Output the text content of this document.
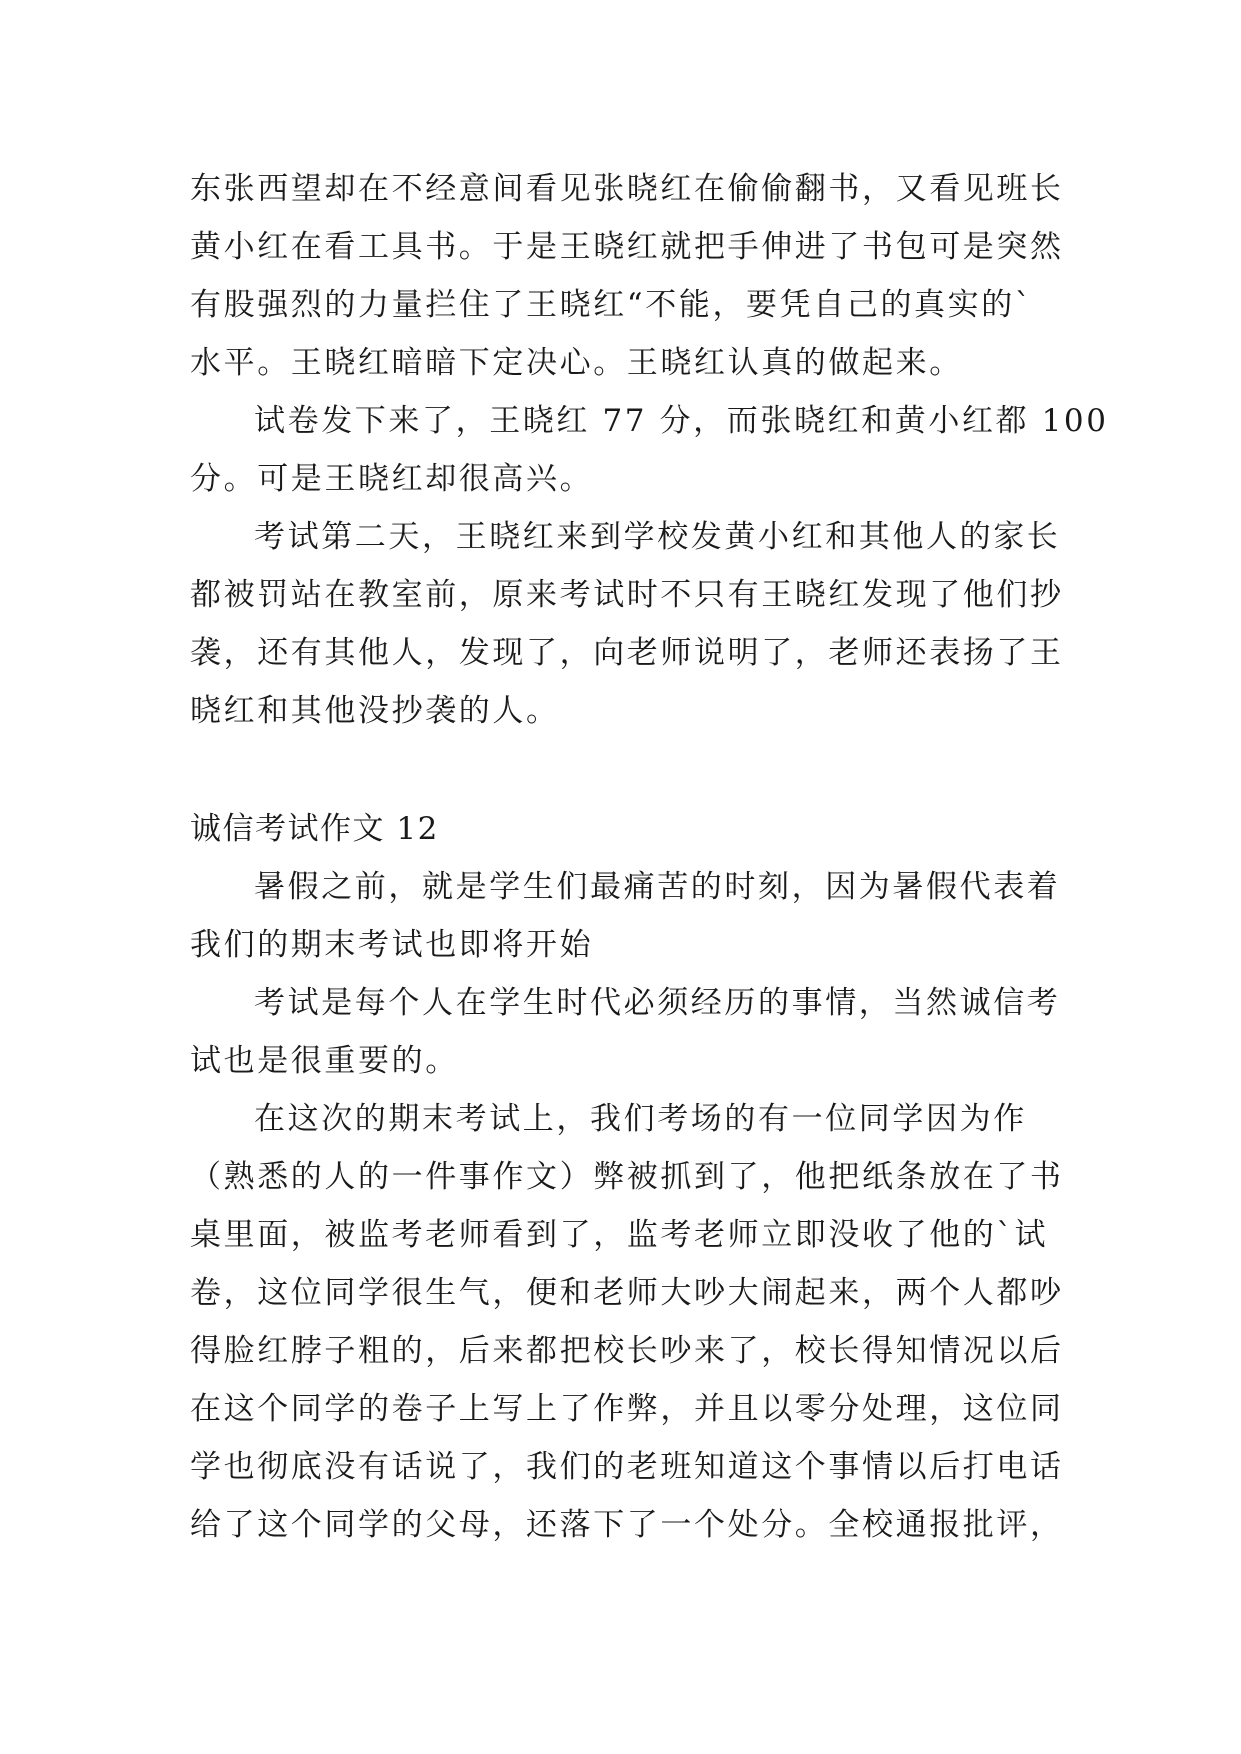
东张西望却在不经意间看见张晓红在偷偷翻书，又看见班长
黄小红在看工具书。于是王晓红就把手伸进了书包可是突然
有股强烈的力量拦住了王晓红“不能，要凭自己的真实的`
水平。王晓红暗暗下定决心。王晓红认真的做起来。
试卷发下来了，王晓红 77 分，而张晓红和黄小红都 100
分。可是王晓红却很高兴。
考试第二天，王晓红来到学校发黄小红和其他人的家长
都被罚站在教室前，原来考试时不只有王晓红发现了他们抄
袭，还有其他人，发现了，向老师说明了，老师还表扬了王
晓红和其他没抄袭的人。
诚信考试作文 12
暑假之前，就是学生们最痛苦的时刻，因为暑假代表着
我们的期末考试也即将开始
考试是每个人在学生时代必须经历的事情，当然诚信考
试也是很重要的。
在这次的期末考试上，我们考场的有一位同学因为作
（熟悉的人的一件事作文）弊被抓到了，他把纸条放在了书
桌里面，被监考老师看到了，监考老师立即没收了他的`试
卷，这位同学很生气，便和老师大吵大闹起来，两个人都吵
得脸红脖子粗的，后来都把校长吵来了，校长得知情况以后
在这个同学的卷子上写上了作弊，并且以零分处理，这位同
学也彻底没有话说了，我们的老班知道这个事情以后打电话
给了这个同学的父母，还落下了一个处分。全校通报批评，
